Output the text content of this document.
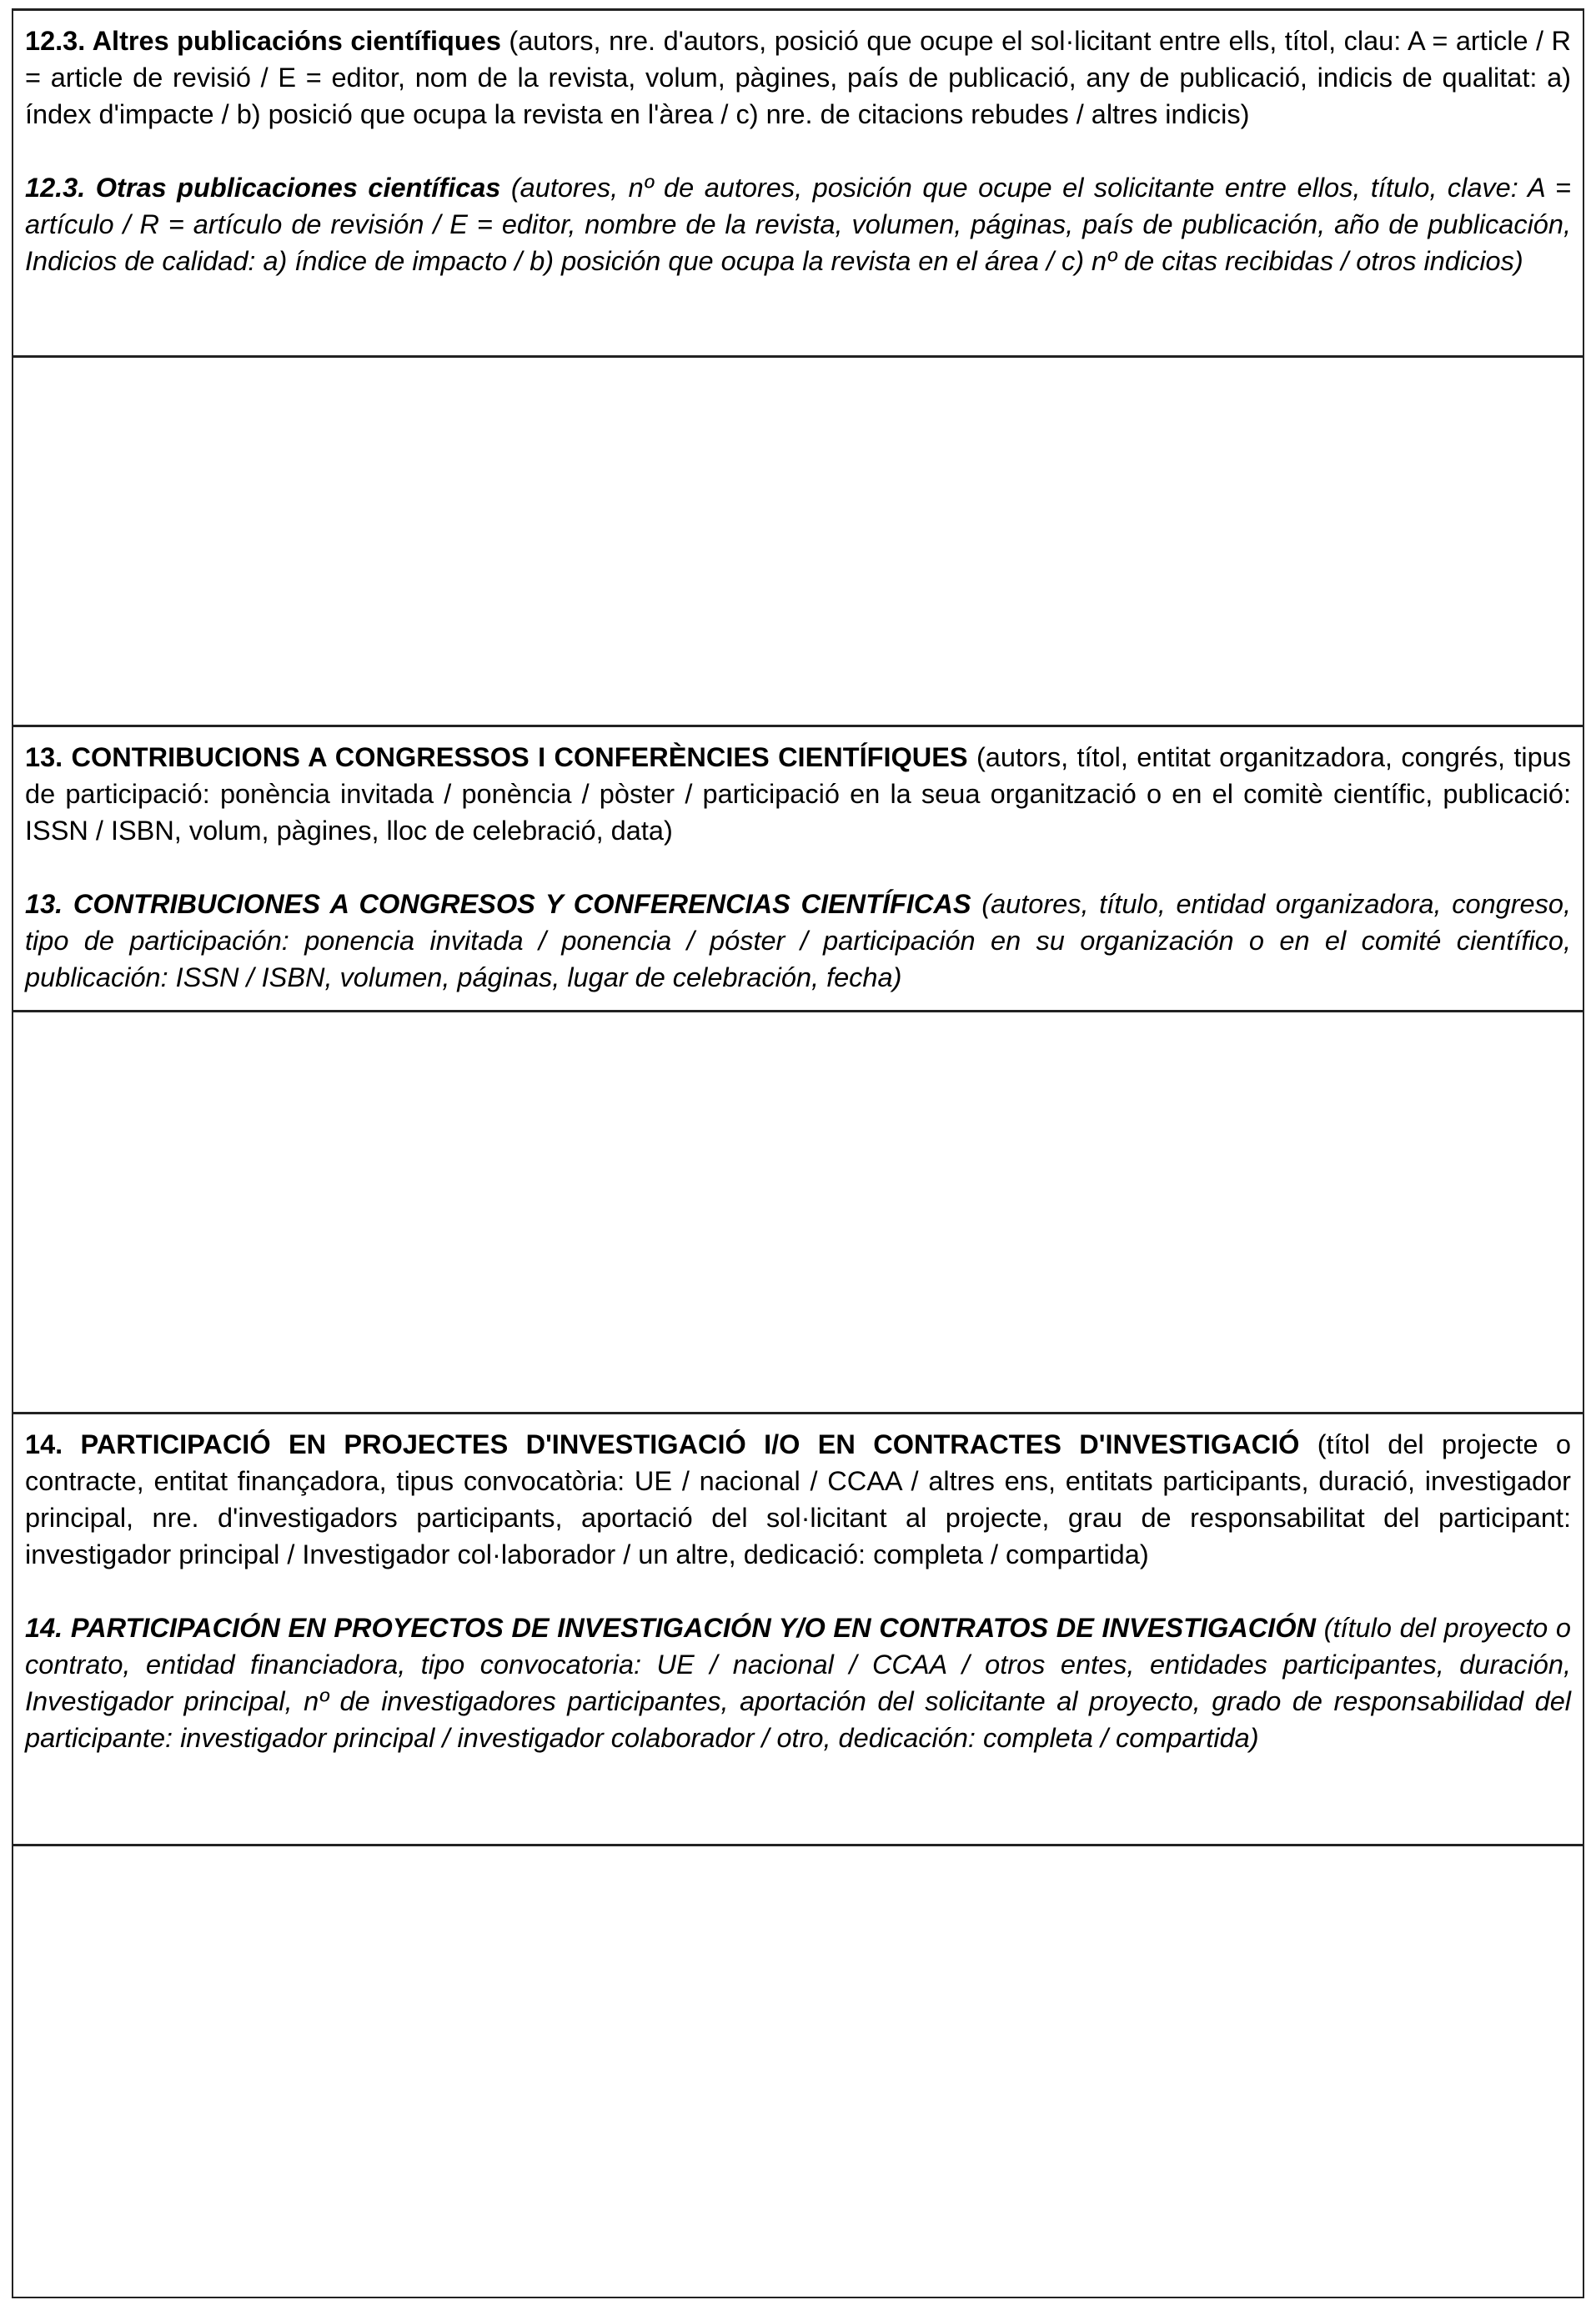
12.3. Altres publicacións científiques (autors, nre. d'autors, posició que ocupe el sol·licitant entre ells, títol, clau: A = article / R = article de revisió / E = editor, nom de la revista, volum, pàgines, país de publicació, any de publicació, indicis de qualitat: a) índex d'impacte / b) posició que ocupa la revista en l'àrea / c) nre. de citacions rebudes / altres indicis)

12.3. Otras publicaciones científicas (autores, nº de autores, posición que ocupe el solicitante entre ellos, título, clave: A = artículo / R = artículo de revisión / E = editor, nombre de la revista, volumen, páginas, país de publicación, año de publicación, Indicios de calidad: a) índice de impacto / b) posición que ocupa la revista en el área / c) nº de citas recibidas / otros indicios)

13. CONTRIBUCIONS A CONGRESSOS I CONFERÈNCIES CIENTÍFIQUES (autors, títol, entitat organitzadora, congrés, tipus de participació: ponència invitada / ponència / pòster / participació en la seua organització o en el comitè científic, publicació: ISSN / ISBN, volum, pàgines, lloc de celebració, data)

13. CONTRIBUCIONES A CONGRESOS Y CONFERENCIAS CIENTÍFICAS (autores, título, entidad organizadora, congreso, tipo de participación: ponencia invitada / ponencia / póster / participación en su organización o en el comité científico, publicación: ISSN / ISBN, volumen, páginas, lugar de celebración, fecha)

14. PARTICIPACIÓ EN PROJECTES D'INVESTIGACIÓ I/O EN CONTRACTES D'INVESTIGACIÓ (títol del projecte o contracte, entitat finançadora, tipus convocatòria: UE / nacional / CCAA / altres ens, entitats participants, duració, investigador principal, nre. d'investigadors participants, aportació del sol·licitant al projecte, grau de responsabilitat del participant: investigador principal / Investigador col·laborador / un altre, dedicació: completa / compartida)

14. PARTICIPACIÓN EN PROYECTOS DE INVESTIGACIÓN Y/O EN CONTRATOS DE INVESTIGACIÓN (título del proyecto o contrato, entidad financiadora, tipo convocatoria: UE / nacional / CCAA / otros entes, entidades participantes, duración, Investigador principal, nº de investigadores participantes, aportación del solicitante al proyecto, grado de responsabilidad del participante: investigador principal / investigador colaborador / otro, dedicación: completa / compartida)
